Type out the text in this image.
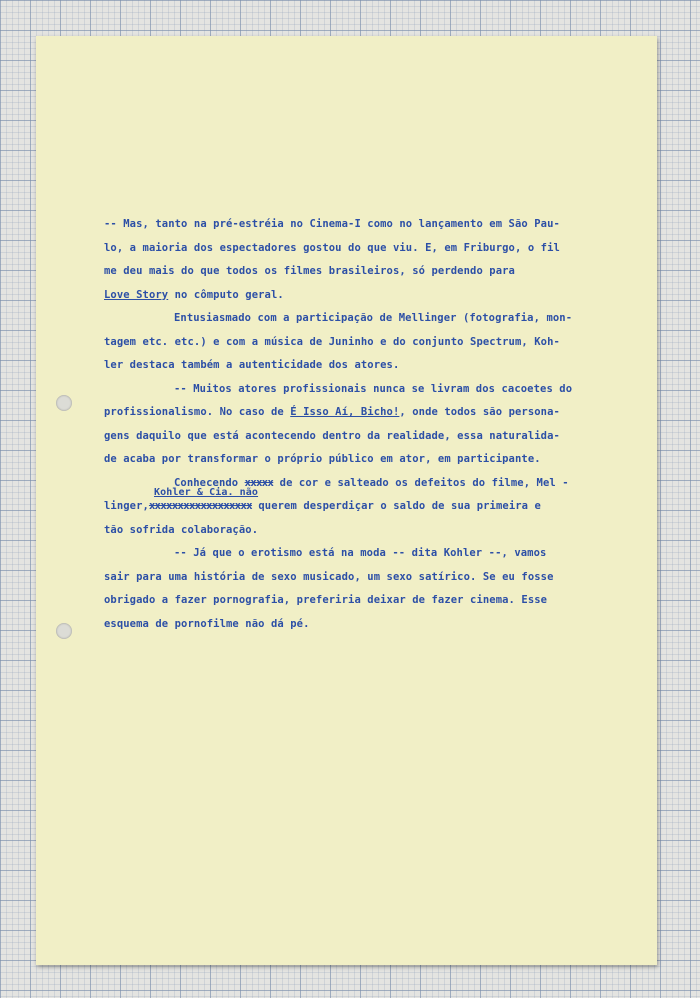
-- Mas, tanto na pré-estréia no Cinema-I como no lançamento em São Pau-
lo, a maioria dos espectadores gostou do que viu. E, em Friburgo, o fil
me deu mais do que todos os filmes brasileiros, só perdendo para
Love Story no cômputo geral.
Entusiasmado com a participação de Mellinger (fotografia, mon-
tagem etc. etc.) e com a música de Juninho e do conjunto Spectrum, Koh-
ler destaca também a autenticidade dos atores.
-- Muitos atores profissionais nunca se livram dos cacoetes do
profissionalismo. No caso de É Isso Aí, Bicho!, onde todos são persona-
gens daquilo que está acontecendo dentro da realidade, essa naturalida-
de acaba por transformar o próprio público em ator, em participante.
Conhecendo xxxxx de cor e salteado os defeitos do filme, Mel -
linger,
Kohler & Cia. não
xxxxxxxxxxxxxxxxxx querem desperdiçar o saldo de sua primeira e
tão sofrida colaboração.
-- Já que o erotismo está na moda -- dita Kohler --, vamos
sair para uma história de sexo musicado, um sexo satírico. Se eu fosse
obrigado a fazer pornografia, preferiria deixar de fazer cinema. Esse
esquema de pornofilme não dá pé.
